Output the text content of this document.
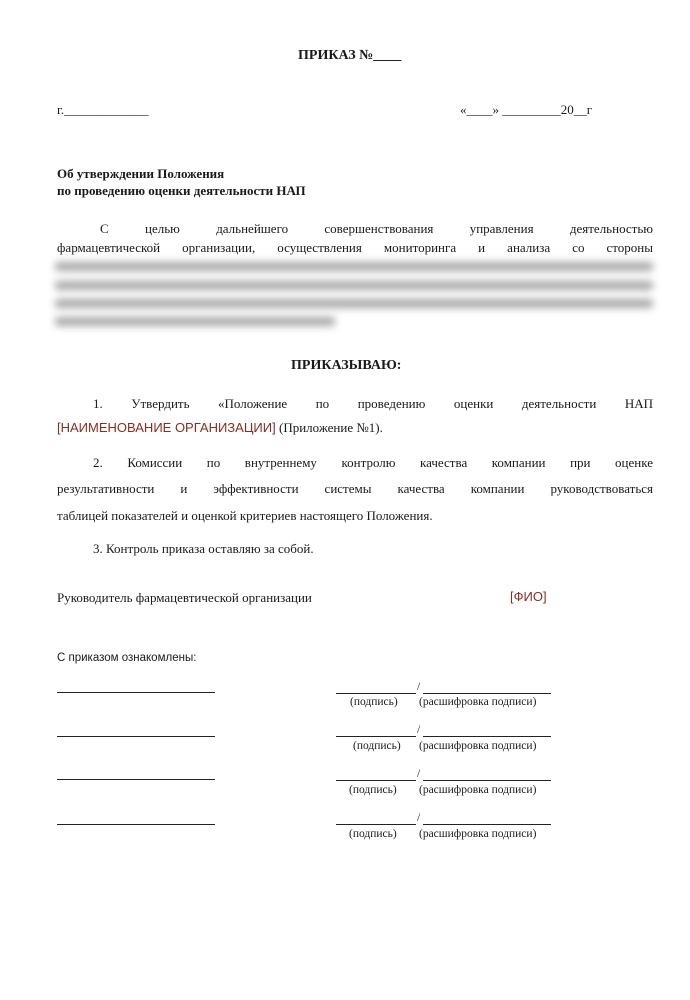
ПРИКАЗ №____
г._____________	«____» _________20__г
Об утверждении Положения
по проведению оценки деятельности НАП
С целью дальнейшего совершенствования управления деятельностью
фармацевтической организации, осуществления мониторинга и анализа со стороны
ПРИКАЗЫВАЮ:
1. Утвердить «Положение по проведению оценки деятельности НАП
[НАИМЕНОВАНИЕ ОРГАНИЗАЦИИ] (Приложение №1).
2. Комиссии по внутреннему контролю качества компании при оценке
результативности и эффективности системы качества компании руководствоваться
таблицей показателей и оценкой критериев настоящего Положения.
3. Контроль приказа оставляю за собой.
Руководитель фармацевтической организации	[ФИО]
С приказом ознакомлены:
/
(подпись) (расшифровка подписи)
/
(подпись) (расшифровка подписи)
/
(подпись) (расшифровка подписи)
/
(подпись) (расшифровка подписи)
